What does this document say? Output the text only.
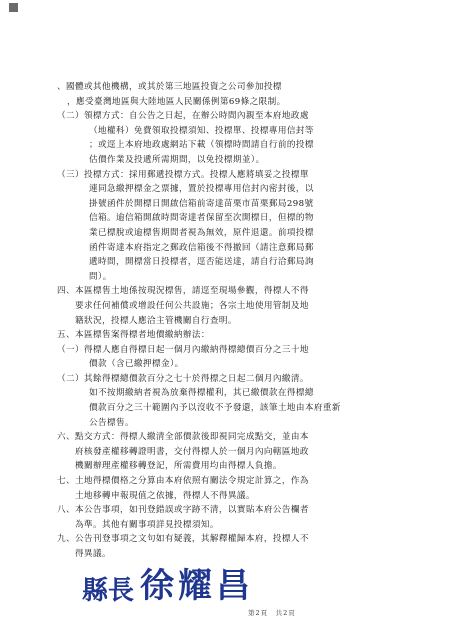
、國體或其他機構，或其於第三地區投資之公司參加投標
，應受臺灣地區與大陸地區人民關係例第69條之限制。
（二）領標方式：自公告之日起，在辦公時間內親至本府地政處
（地權科）免費領取投標須知、投標單、投標專用信封等
；或逕上本府地政處網站下載（領標時間請自行前的投標
估價作業及投遞所需期間，以免投標期並）。
（三）投標方式：採用郵遞投標方式。投標人應將填妥之投標單
連同急繳押標金之票據，置於投標專用信封內密封後，以
掛號函件於開標日開啟信箱前寄達苗栗市苗栗郵局298號
信箱。逾信箱開啟時間寄達者保留至次開標日，但標的物
業已標脫或逾標售期間者視為無效，原件退還。前項投標
函件寄達本府指定之郵政信箱後不得撤回（請注意郵局郵
遞時間，開標當日投標者，逕否能送達，請自行洽郵局詢
問）。
四、本區標售土地係按現況標售，請逕至現場參觀，得標人不得
要求任何補償或增設任何公共設施；各宗土地使用管制及地
籍狀況，投標人應洽主管機關自行查明。
五、本區標售案得標者地價繳納辦法：
（一）得標人應自得標日起一個月內繳納得標總價百分之三十地
價款（含已繳押標金）。
（二）其餘得標總價款百分之七十於得標之日起二個月內繳清。
如不按期繳納者視為放棄得標權利，其已繳價款在得標總
價款百分之三十範圍內予以沒收不予發還，該筆土地由本府重新
公告標售。
六、點交方式：得標人繳清全部價款後即視同完成點交，並由本
府核發產權移轉證明書，交付得標人於一個月內向轄區地政
機關辦理產權移轉登記，所需費用均由得標人負擔。
七、土地得標價格之分算由本府依照有關法令規定計算之，作為
土地移轉申報現值之依據，得標人不得異議。
八、本公告事項，如刊登錯誤或字跡不清，以實貼本府公告欄者
為準。其他有關事項詳見投標須知。
九、公告刊登事項之文句如有疑義，其解釋權歸本府，投標人不
得異議。
縣長 徐耀昌
第2頁　共2頁
